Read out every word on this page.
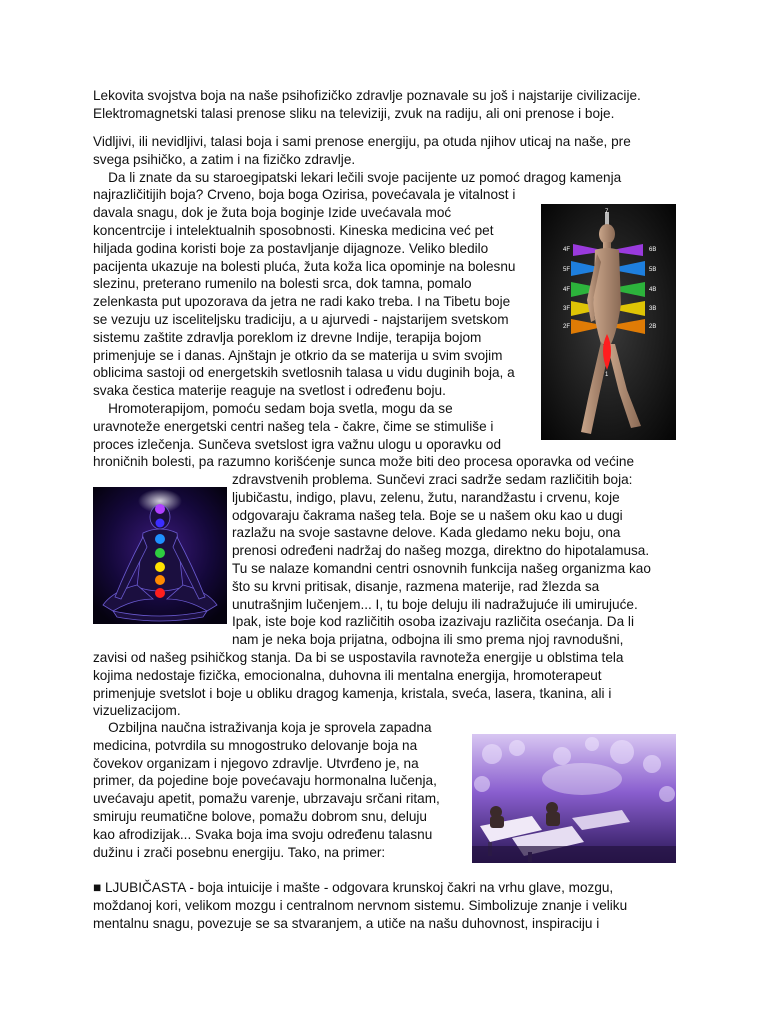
Lekovita svojstva boja na naše psihofizičko zdravlje poznavale su još i najstarije civilizacije.
Elektromagnetski talasi prenose sliku na televiziji, zvuk na radiju, ali oni prenose i boje.
Vidljivi, ili nevidljivi, talasi boja i sami prenose energiju, pa otuda njihov uticaj na naše, pre
svega psihičko, a zatim i na fizičko zdravlje.
Da li znate da su staroegipatski lekari lečili svoje pacijente uz pomoć dragog kamenja
najrazličitijih boja? Crveno, boja boga Ozirisa, povećavala je vitalnost i
davala snagu, dok je žuta boja boginje Izide uvećavala moć
koncentrcije i intelektualnih sposobnosti. Kineska medicina već pet
hiljada godina koristi boje za postavljanje dijagnoze. Veliko bledilo
pacijenta ukazuje na bolesti pluća, žuta koža lica opominje na bolesnu
slezinu, preterano rumenilo na bolesti srca, dok tamna, pomalo
zelenkasta put upozorava da jetra ne radi kako treba. I na Tibetu boje
se vezuju uz isceliteljsku tradiciju, a u ajurvedi - najstarijem svetskom
sistemu zaštite zdravlja poreklom iz drevne Indije, terapija bojom
primenjuje se i danas. Ajnštajn je otkrio da se materija u svim svojim
oblicima sastoji od energetskih svetlosnih talasa u vidu duginih boja, a
svaka čestica materije reaguje na svetlost i određenu boju.
Hromoterapijom, pomoću sedam boja svetla, mogu da se
uravnoteže energetski centri našeg tela - čakre, čime se stimuliše i
proces izlečenja. Sunčeva svetslost igra važnu ulogu u oporavku od
hroničnih bolesti, pa razumno korišćenje sunca može biti deo procesa oporavka od većine
zdravstvenih problema. Sunčevi zraci sadrže sedam različitih boja:
ljubičastu, indigo, plavu, zelenu, žutu, narandžastu i crvenu, koje
odgovaraju čakrama našeg tela. Boje se u našem oku kao u dugi
razlažu na svoje sastavne delove. Kada gledamo neku boju, ona
prenosi određeni nadržaj do našeg mozga, direktno do hipotalamusa.
Tu se nalaze komandni centri osnovnih funkcija našeg organizma kao
što su krvni pritisak, disanje, razmena materije, rad žlezda sa
unutrašnjim lučenjem... I, tu boje deluju ili nadražujuće ili umirujuće.
Ipak, iste boje kod različitih osoba izazivaju različita osećanja. Da li
nam je neka boja prijatna, odbojna ili smo prema njoj ravnodušni,
zavisi od našeg psihičkog stanja. Da bi se uspostavila ravnoteža energije u oblstima tela
kojima nedostaje fizička, emocionalna, duhovna ili mentalna energija, hromoterapeut
primenjuje svetslot i boje u obliku dragog kamenja, kristala, sveća, lasera, tkanina, ali i
vizuelizacijom.
Ozbiljna naučna istraživanja koja je sprovela zapadna
medicina, potvrdila su mnogostruko delovanje boja na
čovekov organizam i njegovo zdravlje. Utvrđeno je, na
primer, da pojedine boje povećavaju hormonalna lučenja,
uvećavaju apetit, pomažu varenje, ubrzavaju srčani ritam,
smiruju reumatične bolove, pomažu dobrom snu, deluju
kao afrodizijak... Svaka boja ima svoju određenu talasnu
dužinu i zrači posebnu energiju. Tako, na primer:
■ LJUBIČASTA - boja intuicije i mašte - odgovara krunskoj čakri na vrhu glave, mozgu,
moždanoj kori, velikom mozgu i centralnom nervnom sistemu. Simbolizuje znanje i veliku
mentalnu snagu, povezuje se sa stvaranjem, a utiče na našu duhovnost, inspiraciju i
7
1
4F
5F
4F
3F
2F
6B
5B
4B
3B
2B
